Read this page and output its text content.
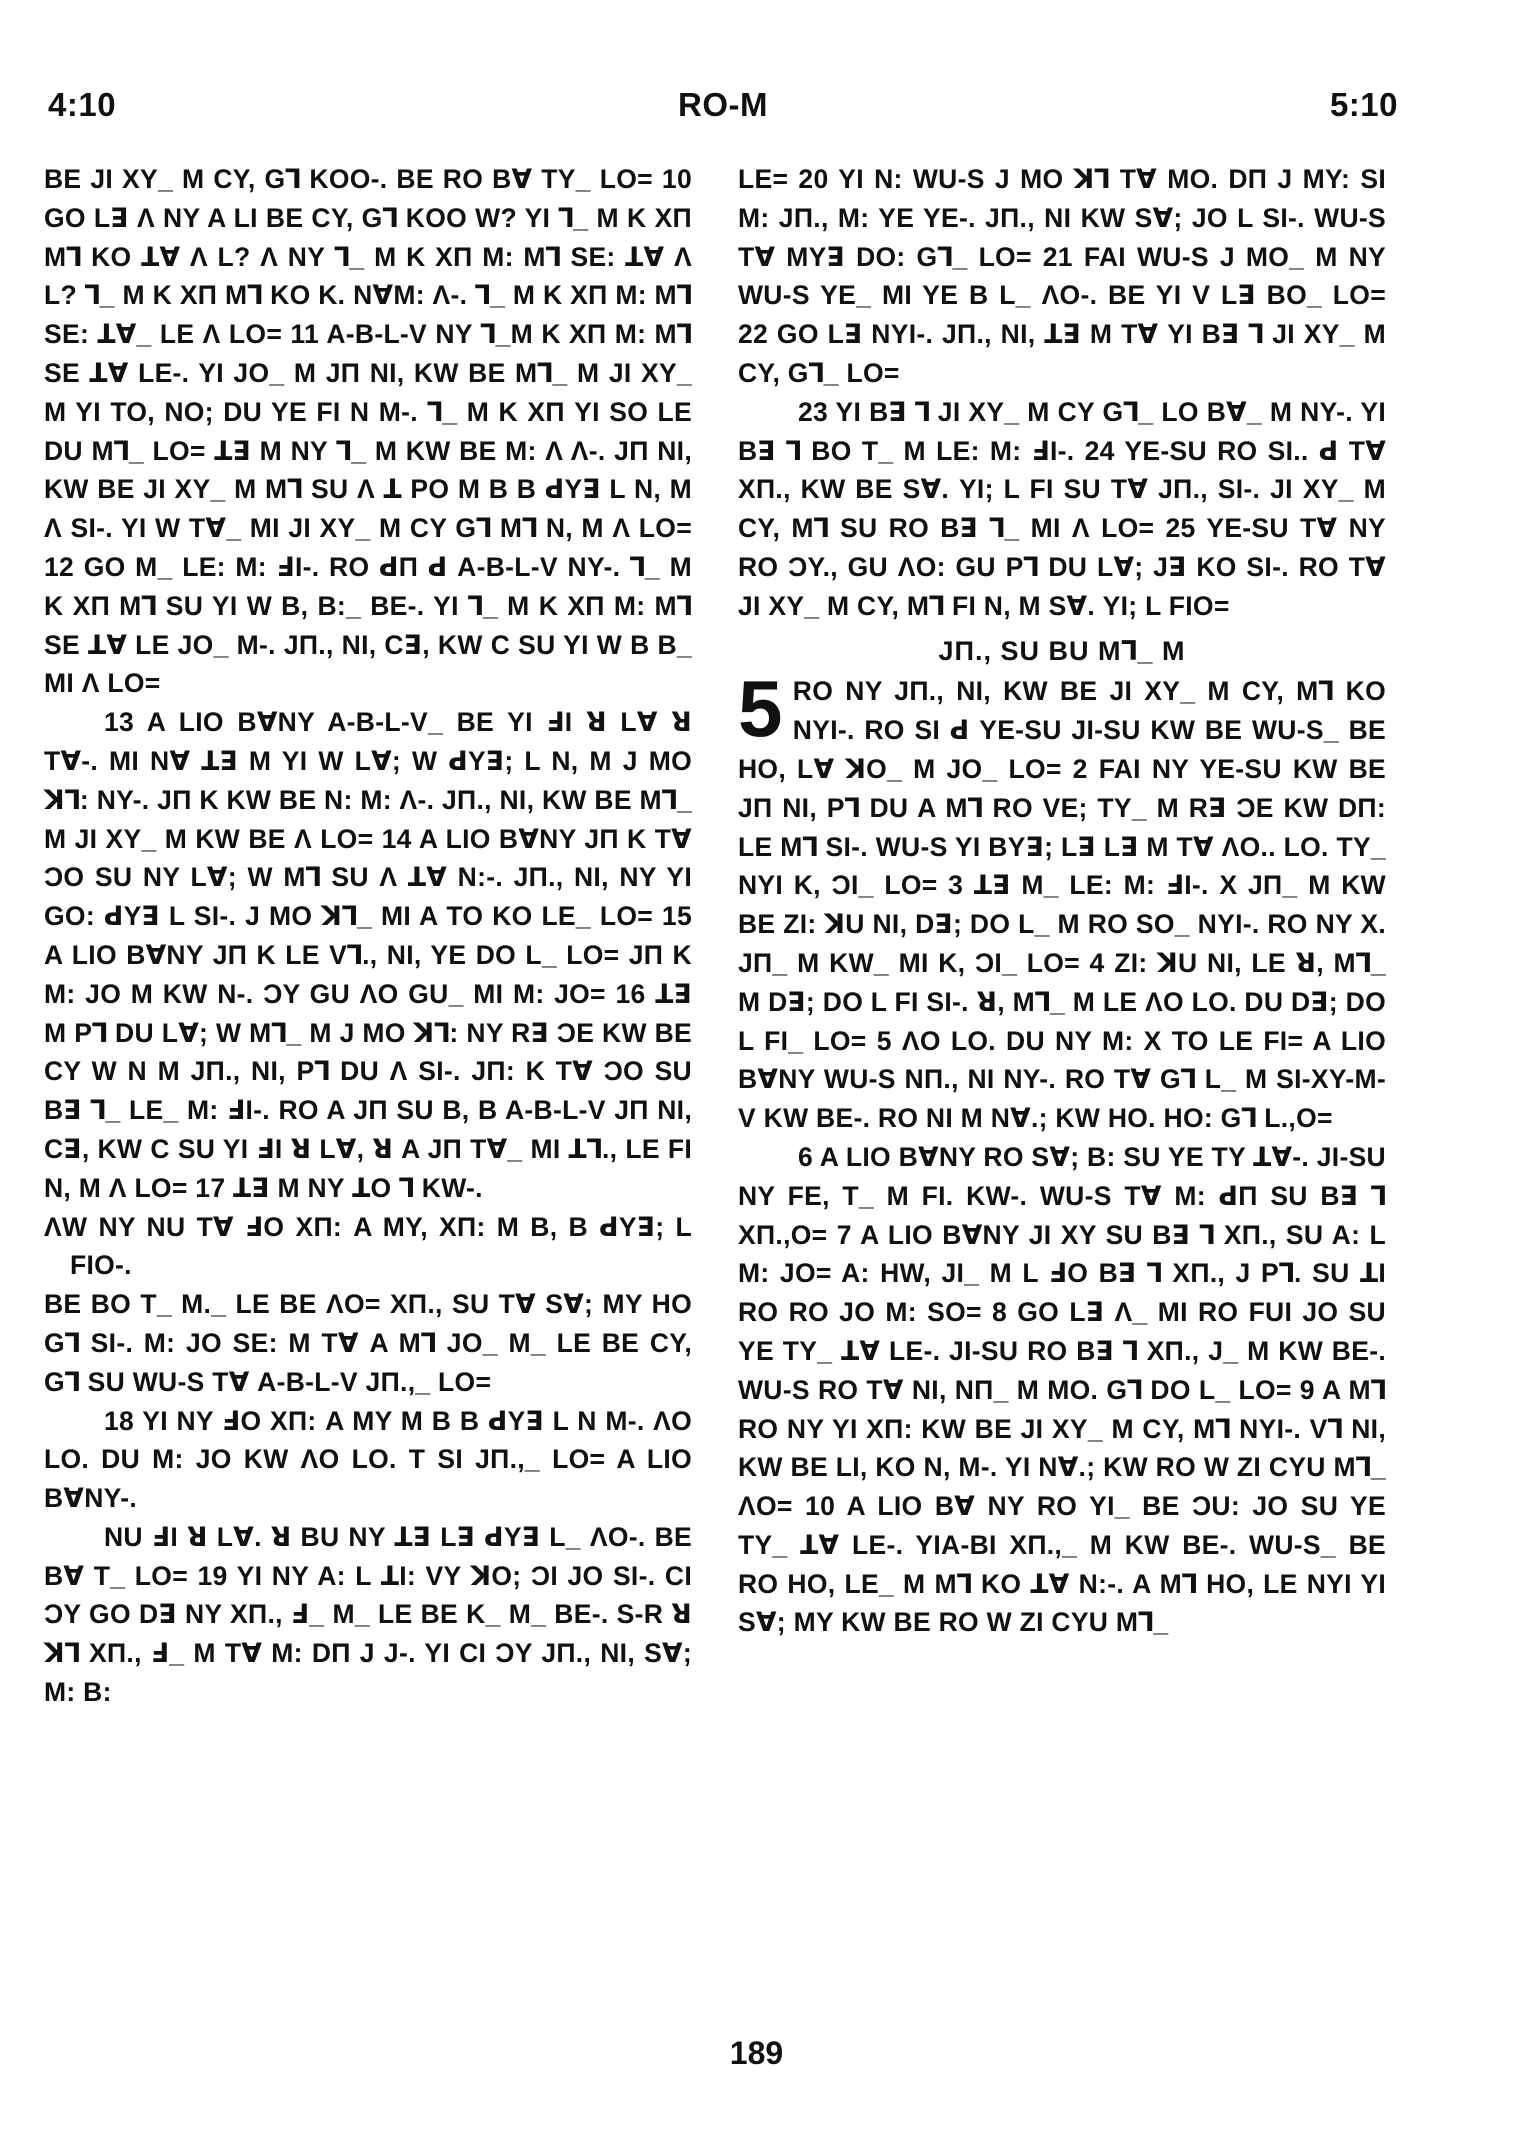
4:10	RO-M	5:10

BE JI XY_ M CY, Gꓶ KOO-. BE RO Bꓯ TY_ LO= 10 GO Lꓱ Λ NY A LI BE CY, Gꓶ KOO W? YI ꓶ_ M K XΠ Mꓶ KO ꓕꓯ Λ L? Λ NY ꓶ_ M K XΠ M: Mꓶ SE: ꓕꓯ Λ L? ꓶ_ M K XΠ Mꓶ KO K. NꓯM: Λ-. ꓶ_ M K XΠ M: Mꓶ SE: ꓕꓯ_ LE Λ LO= 11 A-B-L-V NY ꓶ_M K XΠ M: Mꓶ SE ꓕꓯ LE-. YI JO_ M JΠ NI, KW BE Mꓶ_ M JI XY_ M YI TO, NO; DU YE FI N M-. ꓶ_ M K XΠ YI SO LE DU Mꓶ_ LO= ꓕꓱ M NY ꓶ_ M KW BE M: Λ Λ-. JΠ NI, KW BE JI XY_ M Mꓶ SU Λ ꓕ PO M B B ꓒYꓱ L N, M Λ SI-. YI W Tꓯ_ MI JI XY_ M CY Gꓶ Mꓶ N, M Λ LO= 12 GO M_ LE: M: ꓞI-. RO ꓒΠ ꓒ A-B-L-V NY-. ꓶ_ M K XΠ Mꓶ SU YI W B, B:_ BE-. YI ꓶ_ M K XΠ M: Mꓶ SE ꓕꓯ LE JO_ M-. JΠ., NI, Cꓱ, KW C SU YI W B B_ MI Λ LO=

13 A LIO BꓯNY A-B-L-V_ BE YI ꓞI ꓤ Lꓯ ꓤ Tꓯ-. MI Nꓯ ꓕꓱ M YI W Lꓯ; W ꓒYꓱ; L N, M J MO ꓘꓶ: NY-. JΠ K KW BE N: M: Λ-. JΠ., NI, KW BE Mꓶ_ M JI XY_ M KW BE Λ LO= 14 A LIO BꓯNY JΠ K Tꓯ ƆO SU NY Lꓯ; W Mꓶ SU Λ ꓕꓯ N:-. JΠ., NI, NY YI GO: ꓒYꓱ L SI-. J MO ꓘꓶ_ MI A TO KO LE_ LO= 15 A LIO BꓯNY JΠ K LE Vꓶ., NI, YE DO L_ LO= JΠ K M: JO M KW N-. ƆY GU ΛO GU_ MI M: JO= 16 ꓕꓱ M Pꓶ DU Lꓯ; W Mꓶ_ M J MO ꓘꓶ: NY Rꓱ ƆE KW BE CY W N M JΠ., NI, Pꓶ DU Λ SI-. JΠ: K Tꓯ ƆO SU Bꓱ ꓶ_ LE_ M: ꓞI-. RO A JΠ SU B, B A-B-L-V JΠ NI, Cꓱ, KW C SU YI ꓞI ꓤ Lꓯ, ꓤ A JΠ Tꓯ_ MI ꓕꓶ., LE FI N, M Λ LO= 17 ꓕꓱ M NY ꓕO ꓶ KW-.

ΛW NY NU Tꓯ ꓞO XΠ: A MY, XΠ: M B, B ꓒYꓱ; L FIO-.

BE BO T_ M._ LE BE ΛO= XΠ., SU Tꓯ Sꓯ; MY HO Gꓶ SI-. M: JO SE: M Tꓯ A Mꓶ JO_ M_ LE BE CY, Gꓶ SU WU-S Tꓯ A-B-L-V JΠ.,_ LO=

18 YI NY ꓞO XΠ: A MY M B B ꓒYꓱ L N M-. ΛO LO. DU M: JO KW ΛO LO. T SI JΠ.,_ LO= A LIO BꓯNY-.

NU ꓞI ꓤ Lꓯ. ꓤ BU NY ꓕꓱ Lꓱ ꓒYꓱ L_ ΛO-. BE Bꓯ T_ LO= 19 YI NY A: L ꓕI: VY ꓘO; ƆI JO SI-. CI ƆY GO Dꓱ NY XΠ., ꓞ_ M_ LE BE K_ M_ BE-. S-R ꓤ ꓘꓶ XΠ., ꓞ_ M Tꓯ M: DΠ J J-. YI CI ƆY JΠ., NI, Sꓯ; M: B:

LE= 20 YI N: WU-S J MO ꓘꓶ Tꓯ MO. DΠ J MY: SI M: JΠ., M: YE YE-. JΠ., NI KW Sꓯ; JO L SI-. WU-S Tꓯ MYꓱ DO: Gꓶ_ LO= 21 FAI WU-S J MO_ M NY WU-S YE_ MI YE B L_ ΛO-. BE YI V Lꓱ BO_ LO= 22 GO Lꓱ NYI-. JΠ., NI, ꓕꓱ M Tꓯ YI Bꓱ ꓶ JI XY_ M CY, Gꓶ_ LO=

23 YI Bꓱ ꓶ JI XY_ M CY Gꓶ_ LO Bꓯ_ M NY-. YI Bꓱ ꓶ BO T_ M LE: M: ꓞI-. 24 YE-SU RO SI.. ꓒ Tꓯ XΠ., KW BE Sꓯ. YI; L FI SU Tꓯ JΠ., SI-. JI XY_ M CY, Mꓶ SU RO Bꓱ ꓶ_ MI Λ LO= 25 YE-SU Tꓯ NY RO ƆY., GU ΛO: GU Pꓶ DU Lꓯ; Jꓱ KO SI-. RO Tꓯ JI XY_ M CY, Mꓶ FI N, M Sꓯ. YI; L FIO=

JΠ., SU BU Mꓶ_ M

5 RO NY JΠ., NI, KW BE JI XY_ M CY, Mꓶ KO NYI-. RO SI ꓒ YE-SU JI-SU KW BE WU-S_ BE HO, Lꓯ ꓘO_ M JO_ LO= 2 FAI NY YE-SU KW BE JΠ NI, Pꓶ DU A Mꓶ RO VE; TY_ M Rꓱ ƆE KW DΠ: LE Mꓶ SI-. WU-S YI BYꓱ; Lꓱ Lꓱ M Tꓯ ΛO.. LO. TY_ NYI K, ƆI_ LO= 3 ꓕꓱ M_ LE: M: ꓞI-. X JΠ_ M KW BE ZI: ꓘU NI, Dꓱ; DO L_ M RO SO_ NYI-. RO NY X. JΠ_ M KW_ MI K, ƆI_ LO= 4 ZI: ꓘU NI, LE ꓤ, Mꓶ_ M Dꓱ; DO L FI SI-. ꓤ, Mꓶ_ M LE ΛO LO. DU Dꓱ; DO L FI_ LO= 5 ΛO LO. DU NY M: X TO LE FI= A LIO BꓯNY WU-S NΠ., NI NY-. RO Tꓯ Gꓶ L_ M SI-XY-M-V KW BE-. RO NI M Nꓯ.; KW HO. HO: Gꓶ L.,O=

6 A LIO BꓯNY RO Sꓯ; B: SU YE TY ꓕꓯ-. JI-SU NY FE, T_ M FI. KW-. WU-S Tꓯ M: ꓒΠ SU Bꓱ ꓶ XΠ.,O= 7 A LIO BꓯNY JI XY SU Bꓱ ꓶ XΠ., SU A: L M: JO= A: HW, JI_ M L ꓞO Bꓱ ꓶ XΠ., J Pꓶ. SU ꓕI RO RO JO M: SO= 8 GO Lꓱ Λ_ MI RO FUI JO SU YE TY_ ꓕꓯ LE-. JI-SU RO Bꓱ ꓶ XΠ., J_ M KW BE-. WU-S RO Tꓯ NI, NΠ_ M MO. Gꓶ DO L_ LO= 9 A Mꓶ RO NY YI XΠ: KW BE JI XY_ M CY, Mꓶ NYI-. Vꓶ NI, KW BE LI, KO N, M-. YI Nꓯ.; KW RO W ZI CYU Mꓶ_ ΛO= 10 A LIO Bꓯ NY RO YI_ BE ƆU: JO SU YE TY_ ꓕꓯ LE-. YIA-BI XΠ.,_ M KW BE-. WU-S_ BE RO HO, LE_ M Mꓶ KO ꓕꓯ N:-. A Mꓶ HO, LE NYI YI Sꓯ; MY KW BE RO W ZI CYU Mꓶ_

189
